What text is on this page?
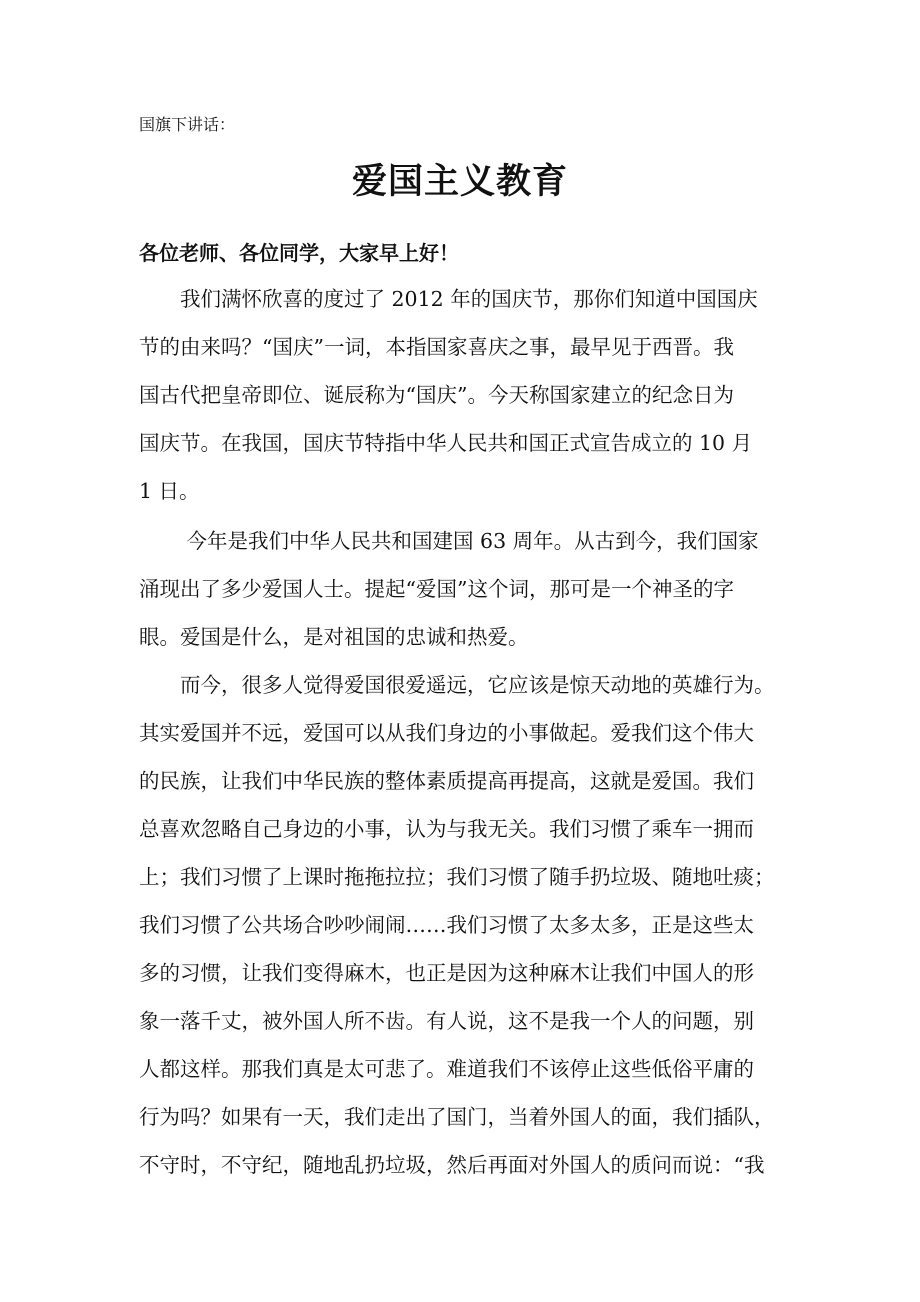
国旗下讲话：
爱国主义教育
各位老师、各位同学，大家早上好！
　　我们满怀欣喜的度过了 2012 年的国庆节，那你们知道中国国庆
节的由来吗？“国庆”一词，本指国家喜庆之事，最早见于西晋。我
国古代把皇帝即位、诞辰称为“国庆”。今天称国家建立的纪念日为
国庆节。在我国，国庆节特指中华人民共和国正式宣告成立的 10 月
1 日。
　　 今年是我们中华人民共和国建国 63 周年。从古到今，我们国家
涌现出了多少爱国人士。提起“爱国”这个词，那可是一个神圣的字
眼。爱国是什么，是对祖国的忠诚和热爱。
　　而今，很多人觉得爱国很爱遥远，它应该是惊天动地的英雄行为。
其实爱国并不远，爱国可以从我们身边的小事做起。爱我们这个伟大
的民族，让我们中华民族的整体素质提高再提高，这就是爱国。我们
总喜欢忽略自己身边的小事，认为与我无关。我们习惯了乘车一拥而
上；我们习惯了上课时拖拖拉拉；我们习惯了随手扔垃圾、随地吐痰；
我们习惯了公共场合吵吵闹闹……我们习惯了太多太多，正是这些太
多的习惯，让我们变得麻木，也正是因为这种麻木让我们中国人的形
象一落千丈，被外国人所不齿。有人说，这不是我一个人的问题，别
人都这样。那我们真是太可悲了。难道我们不该停止这些低俗平庸的
行为吗？如果有一天，我们走出了国门，当着外国人的面，我们插队，
不守时，不守纪，随地乱扔垃圾，然后再面对外国人的质问而说：“我
